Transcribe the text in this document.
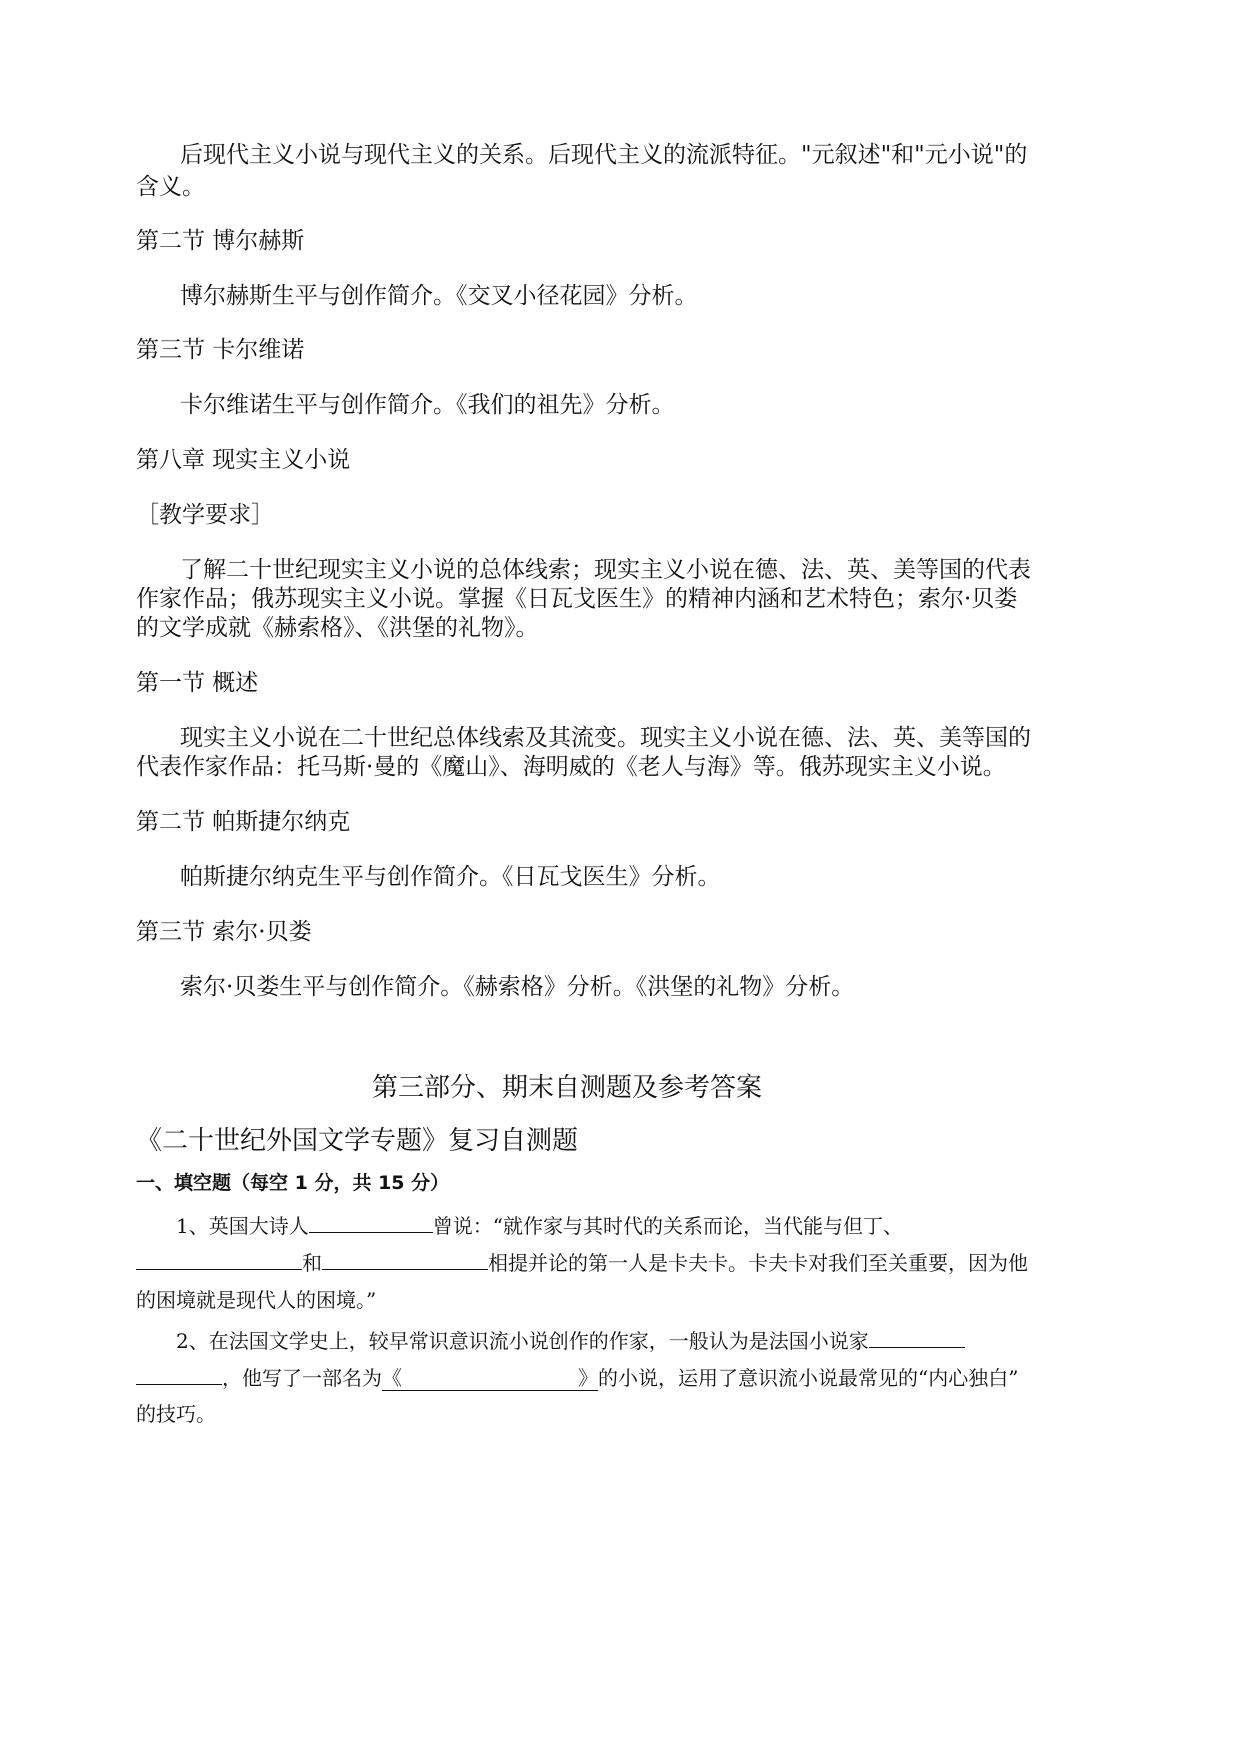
后现代主义小说与现代主义的关系。后现代主义的流派特征。"元叙述"和"元小说"的

含义。

第二节 博尔赫斯

博尔赫斯生平与创作简介。《交叉小径花园》分析。

第三节 卡尔维诺

卡尔维诺生平与创作简介。《我们的祖先》分析。

第八章 现实主义小说

［教学要求］

了解二十世纪现实主义小说的总体线索；现实主义小说在德、法、英、美等国的代表

作家作品；俄苏现实主义小说。掌握《日瓦戈医生》的精神内涵和艺术特色；索尔·贝娄

的文学成就《赫索格》、《洪堡的礼物》。

第一节 概述

现实主义小说在二十世纪总体线索及其流变。现实主义小说在德、法、英、美等国的

代表作家作品：托马斯·曼的《魔山》、海明威的《老人与海》等。俄苏现实主义小说。

第二节 帕斯捷尔纳克

帕斯捷尔纳克生平与创作简介。《日瓦戈医生》分析。

第三节 索尔·贝娄

索尔·贝娄生平与创作简介。《赫索格》分析。《洪堡的礼物》分析。

第三部分、期末自测题及参考答案

《二十世纪外国文学专题》复习自测题

一、填空题（每空 1 分，共 15 分）

1、英国大诗人	曾说：“就作家与其时代的关系而论，当代能与但丁、

和	相提并论的第一人是卡夫卡。卡夫卡对我们至关重要，因为他

的困境就是现代人的困境。”

2、在法国文学史上，较早常识意识流小说创作的作家，一般认为是法国小说家

，他写了一部名为《	》的小说，运用了意识流小说最常见的“内心独白”

的技巧。
